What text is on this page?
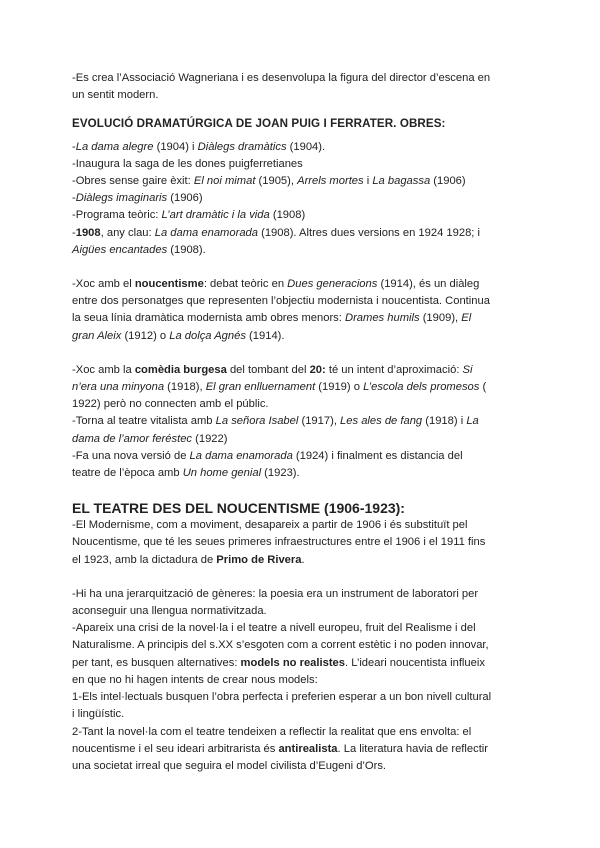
-Es crea l’Associació Wagneriana i es desenvolupa la figura del director d’escena en

un sentit modern.

EVOLUCIÓ DRAMATÚRGICA DE JOAN PUIG I FERRATER. OBRES:

-La dama alegre (1904) i Diàlegs dramàtics (1904).

-Inaugura la saga de les dones puigferretianes

-Obres sense gaire èxit: El noi mimat (1905), Arrels mortes i La bagassa (1906)

-Diàlegs imaginaris (1906)

-Programa teòric: L’art dramàtic i la vida (1908)

-1908, any clau: La dama enamorada (1908). Altres dues versions en 1924 1928; i

Aigües encantades (1908).

-Xoc amb el noucentisme: debat teòric en Dues generacions (1914), és un diàleg

entre dos personatges que representen l’objectiu modernista i noucentista. Continua

la seua línia dramàtica modernista amb obres menors: Drames humils (1909), El

gran Aleix (1912) o La dolça Agnés (1914).

-Xoc amb la comèdia burgesa del tombant del 20: té un intent d’aproximació: Si

n’era una minyona (1918), El gran enlluernament (1919) o L’escola dels promesos (

1922) però no connecten amb el públic.

-Torna al teatre vitalista amb La señora Isabel (1917), Les ales de fang (1918) i La

dama de l’amor feréstec (1922)

-Fa una nova versió de La dama enamorada (1924) i finalment es distancia del

teatre de l’època amb Un home genial (1923).

EL TEATRE DES DEL NOUCENTISME (1906-1923):

-El Modernisme, com a moviment, desapareix a partir de 1906 i és substituït pel

Noucentisme, que té les seues primeres infraestructures entre el 1906 i el 1911 fins

el 1923, amb la dictadura de Primo de Rivera.

-Hi ha una jerarquització de gèneres: la poesia era un instrument de laboratori per

aconseguir una llengua normativitzada.

-Apareix una crisi de la novel·la i el teatre a nivell europeu, fruit del Realisme i del

Naturalisme. A principis del s.XX s’esgoten com a corrent estètic i no poden innovar,

per tant, es busquen alternatives: models no realistes. L’ideari noucentista influeix

en que no hi hagen intents de crear nous models:

1-Els intel·lectuals busquen l’obra perfecta i preferien esperar a un bon nivell cultural

i lingüístic.

2-Tant la novel·la com el teatre tendeixen a reflectir la realitat que ens envolta: el

noucentisme i el seu ideari arbitrarista és antirealista. La literatura havia de reflectir

una societat irreal que seguira el model civilista d’Eugeni d’Ors.
